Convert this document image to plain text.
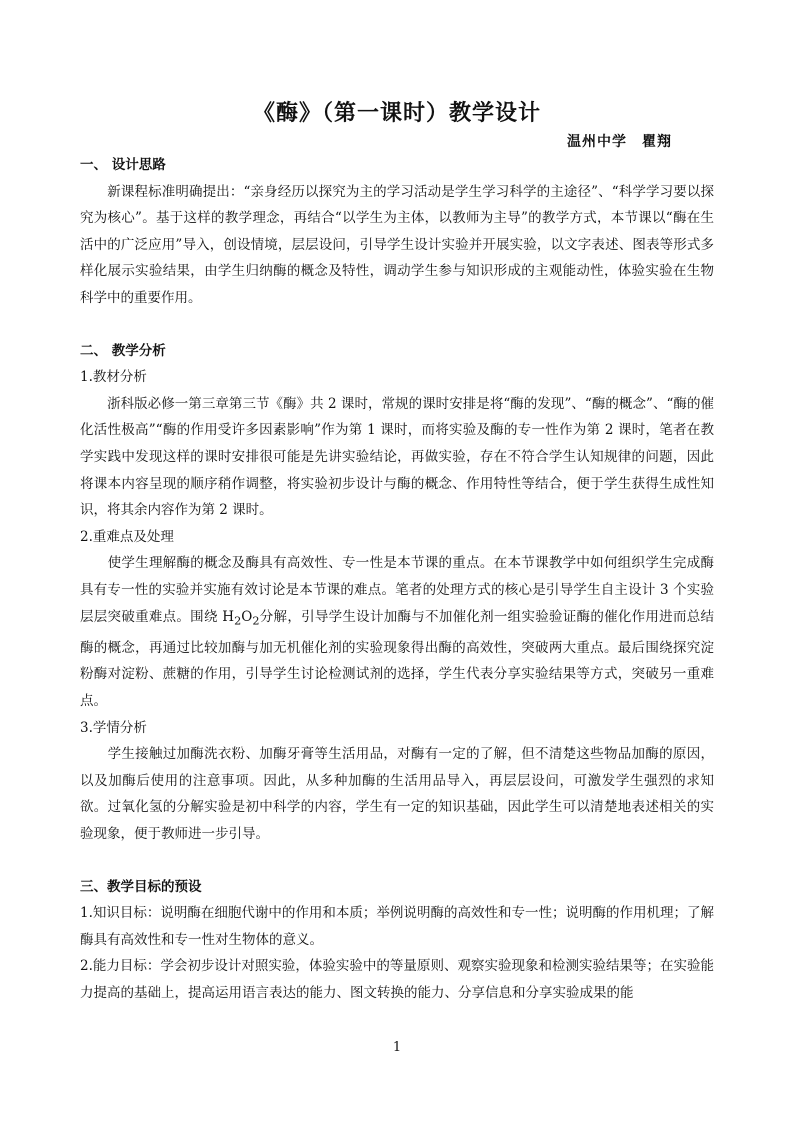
《酶》（第一课时）教学设计
温州中学　瞿翔
一、 设计思路
　　新课程标准明确提出：“亲身经历以探究为主的学习活动是学生学习科学的主途径”、“科学学习要以探究为核心”。基于这样的教学理念，再结合“以学生为主体，以教师为主导”的教学方式，本节课以“酶在生活中的广泛应用”导入，创设情境，层层设问，引导学生设计实验并开展实验，以文字表述、图表等形式多样化展示实验结果，由学生归纳酶的概念及特性，调动学生参与知识形成的主观能动性，体验实验在生物科学中的重要作用。
二、 教学分析
1.教材分析
　　浙科版必修一第三章第三节《酶》共 2 课时，常规的课时安排是将“酶的发现”、“酶的概念”、“酶的催化活性极高”“酶的作用受许多因素影响”作为第 1 课时，而将实验及酶的专一性作为第 2 课时，笔者在教学实践中发现这样的课时安排很可能是先讲实验结论，再做实验，存在不符合学生认知规律的问题，因此将课本内容呈现的顺序稍作调整，将实验初步设计与酶的概念、作用特性等结合，便于学生获得生成性知识，将其余内容作为第 2 课时。
2.重难点及处理
　　使学生理解酶的概念及酶具有高效性、专一性是本节课的重点。在本节课教学中如何组织学生完成酶具有专一性的实验并实施有效讨论是本节课的难点。笔者的处理方式的核心是引导学生自主设计 3 个实验层层突破重难点。围绕 $H_2O_2$分解，引导学生设计加酶与不加催化剂一组实验验证酶的催化作用进而总结酶的概念，再通过比较加酶与加无机催化剂的实验现象得出酶的高效性，突破两大重点。最后围绕探究淀粉酶对淀粉、蔗糖的作用，引导学生讨论检测试剂的选择，学生代表分享实验结果等方式，突破另一重难点。
3.学情分析
　　学生接触过加酶洗衣粉、加酶牙膏等生活用品，对酶有一定的了解，但不清楚这些物品加酶的原因，以及加酶后使用的注意事项。因此，从多种加酶的生活用品导入，再层层设问，可激发学生强烈的求知欲。过氧化氢的分解实验是初中科学的内容，学生有一定的知识基础，因此学生可以清楚地表述相关的实验现象，便于教师进一步引导。
三、教学目标的预设
1.知识目标：说明酶在细胞代谢中的作用和本质；举例说明酶的高效性和专一性；说明酶的作用机理；了解酶具有高效性和专一性对生物体的意义。
2.能力目标：学会初步设计对照实验，体验实验中的等量原则、观察实验现象和检测实验结果等；在实验能力提高的基础上，提高运用语言表达的能力、图文转换的能力、分享信息和分享实验成果的能
1
